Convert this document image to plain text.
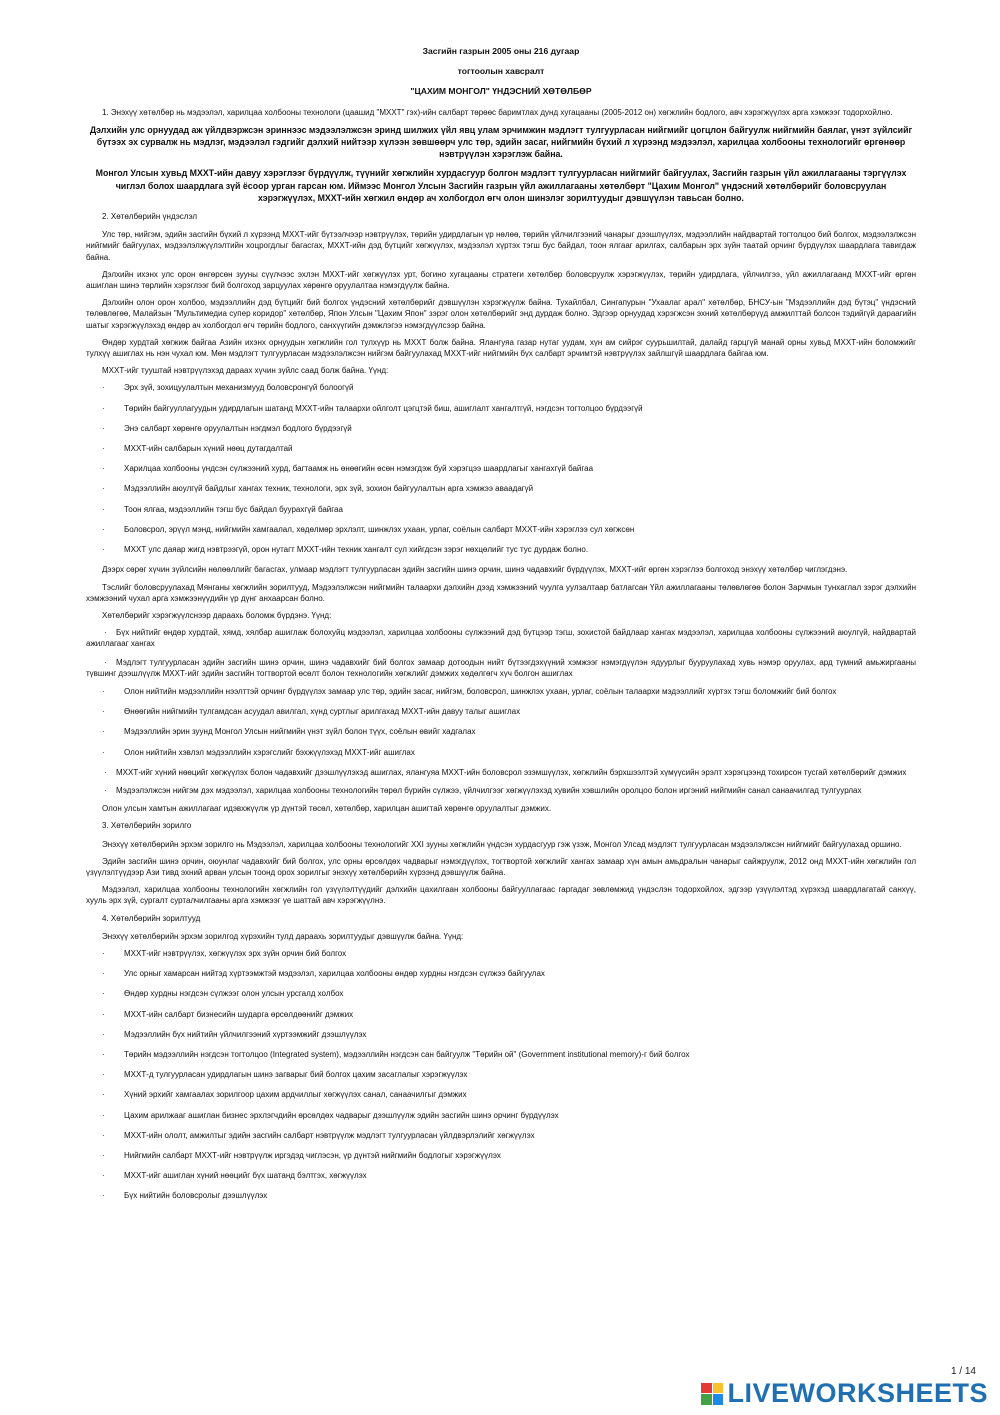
Засгийн газрын 2005 оны 216 дугаар
тогтоолын хавсралт
"ЦАХИМ МОНГОЛ" ҮНДЭСНИЙ ХӨТӨЛБӨР

1. Энэхүү хөтөлбөр нь мэдээлэл, харилцаа холбооны технологи (цаашид "МХХТ" гэх)-ийн салбарт төрөөс баримтлах дунд хугацааны (2005-2012 он) хөгжлийн бодлого, авч хэрэгжүүлэх арга хэмжээг тодорхойлно.

Дэлхийн улс орнуудад аж үйлдвэржсэн эриннээс мэдээлэлжсэн эринд шилжих үйл явц улам эрчимжин мэдлэгт тулгуурласан нийгмийг цогцлон байгуулж нийгмийн баялаг, үнэт зүйлсийг бүтээх эх сурвалж нь мэдлэг, мэдээлэл гэдгийг дэлхий нийтээр хүлээн зөвшөөрч улс төр, эдийн засаг, нийгмийн бүхий л хүрээнд мэдээлэл, харилцаа холбооны технологийг өргөнөөр нэвтрүүлэн хэрэглэж байна.

Монгол Улсын хувьд МХХТ-ийн давуу хэрэглээг бүрдүүлж, түүнийг хөгжлийн хурдасгуур болгон мэдлэгт тулгуурласан нийгмийг байгуулах, Засгийн газрын үйл ажиллагааны тэргүүлэх чиглэл болох шаардлага зүй ёсоор урган гарсан юм. Иймээс Монгол Улсын Засгийн газрын үйл ажиллагааны хөтөлбөрт "Цахим Монгол" үндэсний хөтөлбөрийг боловсруулан хэрэгжүүлэх, МХХТ-ийн хөгжил өндөр ач холбогдол өгч олон шинэлэг зорилтуудыг дэвшүүлэн тавьсан болно.

2. Хөтөлбөрийн үндэслэл

Улс төр, нийгэм, эдийн засгийн бүхий л хүрээнд МХХТ-ийг бүтээлчээр нэвтрүүлэх, төрийн удирдлагын үр нөлөө, төрийн үйлчилгээний чанарыг дээшлүүлэх, мэдээллийн найдвартай тогтолцоо бий болгох, мэдээлэлжсэн нийгмийг байгуулах, мэдээлэлжүүлэлтийн хоцрогдлыг багасгах, МХХТ-ийн дэд бүтцийг хөгжүүлэх, мэдээлэл хүртэх тэгш бус байдал, тоон ялгааг арилгах, салбарын эрх зүйн таатай орчинг бүрдүүлэх шаардлага тавигдаж байна.

Дэлхийн ихэнх улс орон өнгөрсөн зууны сүүлчээс эхлэн МХХТ-ийг хөгжүүлэх урт, богино хугацааны стратеги хөтөлбөр боловсруулж хэрэгжүүлэх, төрийн удирдлага, үйлчилгээ, үйл ажиллагаанд МХХТ-ийг өргөн ашиглан шинэ төрлийн хэрэглээг бий болгоход зарцуулах хөрөнгө оруулалтаа нэмэгдүүлж байна.

Дэлхийн олон орон холбоо, мэдээллийн дэд бүтцийг бий болгох үндэсний хөтөлбөрийг дэвшүүлэн хэрэгжүүлж байна. Тухайлбал, Сингапурын "Ухаалаг арал" хөтөлбөр, БНСУ-ын "Мэдээллийн дэд бүтэц" үндэсний төлөвлөгөө, Малайзын "Мультимедиа супер коридор" хөтөлбөр, Япон Улсын "Цахим Япон" зэрэг олон хөтөлбөрийг энд дурдаж болно. Эдгээр орнуудад хэрэгжсэн эхний хөтөлбөрүүд амжилттай болсон тэдийгүй дараагийн шатыг хэрэгжүүлэхэд өндөр ач холбогдол өгч төрийн бодлого, санхүүгийн дэмжлэгээ нэмэгдүүлсээр байна.

Өндөр хурдтай хөгжиж байгаа Азийн ихэнх орнуудын хөгжлийн гол тулхүүр нь МХХТ болж байна. Ялангуяа газар нутаг уудам, хүн ам сийрэг суурьшилтай, далайд гарцгүй манай орны хувьд МХХТ-ийн боломжийг тулхүү ашиглах нь нэн чухал юм. Мөн мэдлэгт тулгуурласан мэдээлэлжсэн нийгэм байгуулахад МХХТ-ийг нийгмийн бүх салбарт эрчимтэй нэвтрүүлэх зайлшгүй шаардлага байгаа юм.

МХХТ-ийг тууштай нэвтрүүлэхэд дараах хүчин зүйлс саад болж байна. Үүнд:

· Эрх зүй, зохицуулалтын механизмууд боловсронгүй болоогүй
· Төрийн байгууллагуудын удирдлагын шатанд МХХТ-ийн талаархи ойлголт цэгцтэй биш, ашиглалт хангалтгүй, нэгдсэн тогтолцоо бүрдээгүй
· Энэ салбарт хөрөнгө оруулалтын нэгдмэл бодлого бүрдээгүй
· МХХТ-ийн салбарын хүний нөөц дутагдалтай
· Харилцаа холбооны үндсэн сүлжээний хурд, багтаамж нь өнөөгийн өсөн нэмэгдэж буй хэрэгцээ шаардлагыг хангахгүй байгаа
· Мэдээллийн аюулгүй байдлыг хангах техник, технологи, эрх зүй, зохион байгуулалтын арга хэмжээ аваадагүй
· Тоон ялгаа, мэдээллийн тэгш бус байдал буурахгүй байгаа
· Боловсрол, эрүүл мэнд, нийгмийн хамгаалал, хөдөлмөр эрхлэлт, шинжлэх ухаан, урлаг, соёлын салбарт МХХТ-ийн хэрэглээ сул хөгжсөн
· МХХТ улс даяар жигд нэвтрээгүй, орон нутагт МХХТ-ийн техник хангалт сул хийгдсэн зэрэг нөхцөлийг тус тус дурдаж болно.

Дээрх сөрөг хүчин зүйлсийн нөлөөллийг багасгах, улмаар мэдлэгт тулгуурласан эдийн засгийн шинэ орчин, шинэ чадавхийг бүрдүүлэх, МХХТ-ийг өргөн хэрэглээ болгоход энэхүү хөтөлбөр чиглэгдэнэ.

Тэслийг боловсруулахад Мянганы хөгжлийн зорилтууд, Мэдээлэлжсэн нийгмийн талаархи дэлхийн дээд хэмжээний чуулга уулзалтаар батлагсан Үйл ажиллагааны төлөвлөгөө болон Зарчмын тунхаглал зэрэг дэлхийн хэмжээний чухал арга хэмжээнүүдийн үр дүнг анхаарсан болно.

Хөтөлбөрийг хэрэгжүүлснээр дараахь боломж бүрдэнэ. Үүнд:

· Бүх нийтийг өндөр хурдтай, хямд, хялбар ашиглаж болохуйц мэдээлэл, харилцаа холбооны сүлжээний дэд бүтцээр тэгш, зохистой байдлаар хангах мэдээлэл, харилцаа холбооны сүлжээний аюулгүй, найдвартай ажиллагааг хангах

· Мэдлэгт тулгуурласан эдийн засгийн шинэ орчин, шинэ чадавхийг бий болгох замаар дотоодын нийт бүтээгдэхүүний хэмжээг нэмэгдүүлэн ядуурлыг бууруулахад хувь нэмэр оруулах, ард түмний амьжиргааны түвшинг дээшлүүлж МХХТ-ийг эдийн засгийн тогтвортой өсөлт болон технологийн хөгжлийг дэмжих хөдөлгөгч хүч болгон ашиглах

· Олон нийтийн мэдээллийн нээлттэй орчинг бүрдүүлэх замаар улс төр, эдийн засаг, нийгэм, боловсрол, шинжлэх ухаан, урлаг, соёлын талаархи мэдээллийг хүртэх тэгш боломжийг бий болгох
· Өнөөгийн нийгмийн тулгамдсан асуудал авилгал, хүнд суртлыг арилгахад МХХТ-ийн давуу талыг ашиглах
· Мэдээллийн эрин зуунд Монгол Улсын нийгмийн үнэт зүйл болон түүх, соёлын өвийг хадгалах
· Олон нийтийн хэвлэл мэдээллийн хэрэгслийг бэхжүүлэхэд МХХТ-ийг ашиглах

· МХХТ-ийг хүний нөөцийг хөгжүүлэх болон чадавхийг дээшлүүлэхэд ашиглах, ялангуяа МХХТ-ийн боловсрол эзэмшүүлэх, хөгжлийн бэрхшээлтэй хүмүүсийн эрэлт хэрэгцээнд тохирсон тусгай хөтөлбөрийг дэмжих

· Мэдээлэлжсэн нийгэм дэх мэдээлэл, харилцаа холбооны технологийн төрөл бүрийн сүлжээ, үйлчилгээг хөгжүүлэхэд хувийн хэвшлийн оролцоо болон иргэний нийгмийн санал санаачилгад тулгуурлах

Олон улсын хамтын ажиллагааг идэвхжүүлж үр дүнтэй төсөл, хөтөлбөр, харилцан ашигтай хөрөнгө оруулалтыг дэмжих.

3. Хөтөлбөрийн зорилго

Энэхүү хөтөлбөрийн эрхэм зорилго нь Мэдээлэл, харилцаа холбооны технологийг XXI зууны хөгжлийн үндсэн хурдасгуур гэж үзэж, Монгол Улсад мэдлэгт тулгуурласан мэдээлэлжсэн нийгмийг байгуулахад оршино.

Эдийн засгийн шинэ орчин, оюунлаг чадавхийг бий болгох, улс орны өрсөлдөх чадварыг нэмэгдүүлэх, тогтвортой хөгжлийг хангах замаар хүн амын амьдралын чанарыг сайжруулж, 2012 онд МХХТ-ийн хөгжлийн гол үзүүлэлтүүдээр Ази тивд эхний арван улсын тоонд орох зорилгыг энэхүү хөтөлбөрийн хүрээнд дэвшүүлж байна.

Мэдээлэл, харилцаа холбооны технологийн хөгжлийн гол үзүүлэлтүүдийг дэлхийн цахилгаан холбооны байгууллагаас гаргадаг зөвлөмжид үндэслэн тодорхойлох, эдгээр үзүүлэлтэд хүрэхэд шаардлагатай санхүү, хууль эрх зүй, сургалт сурталчилгааны арга хэмжээг үе шаттай авч хэрэгжүүлнэ.

4. Хөтөлбөрийн зорилтууд

Энэхүү хөтөлбөрийн эрхэм зорилгод хүрэхийн тулд дараахь зорилтуудыг дэвшүүлж байна. Үүнд:

· МХХТ-ийг нэвтрүүлэх, хөгжүүлэх эрх зүйн орчин бий болгох
· Улс орныг хамарсан нийтэд хүртээмжтэй мэдээлэл, харилцаа холбооны өндөр хурдны нэгдсэн сүлжээ байгуулах
· Өндөр хурдны нэгдсэн сүлжээг олон улсын урсгалд холбох
· МХХТ-ийн салбарт бизнесийн шударга өрсөлдөөнийг дэмжих
· Мэдээллийн бүх нийтийн үйлчилгээний хүртээмжийг дээшлүүлэх
· Төрийн мэдээллийн нэгдсэн тогтолцоо (Integrated system), мэдээллийн нэгдсэн сан байгуулж "Төрийн ой" (Government institutional memory)-г бий болгох
· МХХТ-д тулгуурласан удирдлагын шинэ загварыг бий болгох цахим засаглалыг хэрэгжүүлэх
· Хүний эрхийг хамгаалах зорилгоор цахим ардчиллыг хөгжүүлэх санал, санаачилгыг дэмжих
· Цахим арилжааг ашиглан бизнес эрхлэгчдийн өрсөлдөх чадварыг дээшлүүлж эдийн засгийн шинэ орчинг бүрдүүлэх
· МХХТ-ийн ололт, амжилтыг эдийн засгийн салбарт нэвтрүүлж мэдлэгт тулгуурласан үйлдвэрлэлийг хөгжүүлэх
· Нийгмийн салбарт МХХТ-ийг нэвтрүүлж иргэдэд чиглэсэн, үр дүнтэй нийгмийн бодлогыг хэрэгжүүлэх
· МХХТ-ийг ашиглан хүний нөөцийг бүх шатанд бэлтгэх, хөгжүүлэх
· Бүх нийтийн боловсролыг дээшлүүлэх
1 / 14
LIVEWORKSHEETS
